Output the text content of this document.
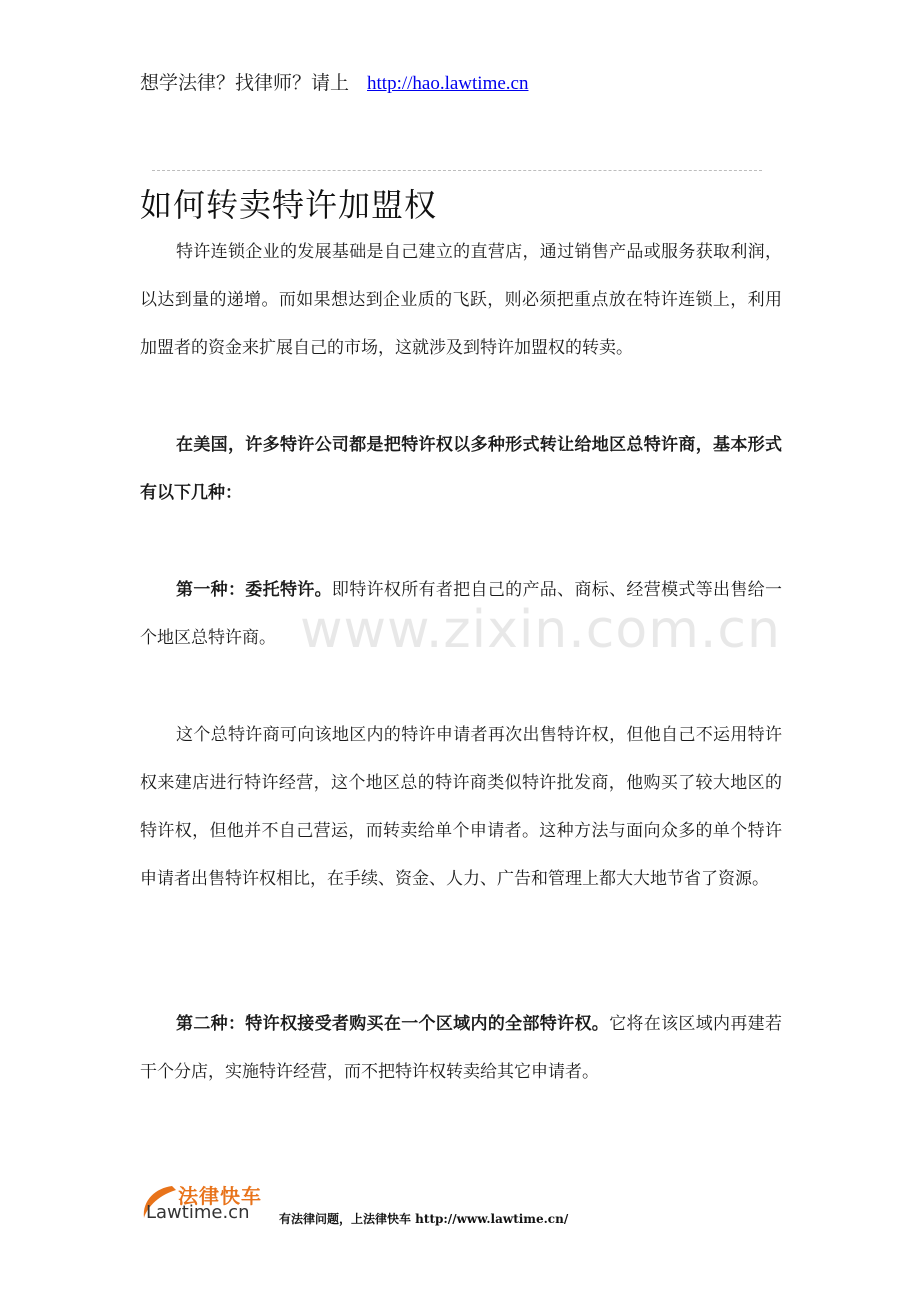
想学法律？找律师？请上 http://hao.lawtime.cn
如何转卖特许加盟权

特许连锁企业的发展基础是自己建立的直营店，通过销售产品或服务获取利润，以达到量的递增。而如果想达到企业质的飞跃，则必须把重点放在特许连锁上，利用加盟者的资金来扩展自己的市场，这就涉及到特许加盟权的转卖。

在美国，许多特许公司都是把特许权以多种形式转让给地区总特许商，基本形式有以下几种：

第一种：委托特许。即特许权所有者把自己的产品、商标、经营模式等出售给一个地区总特许商。

这个总特许商可向该地区内的特许申请者再次出售特许权，但他自己不运用特许权来建店进行特许经营，这个地区总的特许商类似特许批发商，他购买了较大地区的特许权，但他并不自己营运，而转卖给单个申请者。这种方法与面向众多的单个特许申请者出售特许权相比，在手续、资金、人力、广告和管理上都大大地节省了资源。

第二种：特许权接受者购买在一个区域内的全部特许权。它将在该区域内再建若干个分店，实施特许经营，而不把特许权转卖给其它申请者。

www.zixin.com.cn
法律快车
Lawtime.cn 有法律问题，上法律快车 http://www.lawtime.cn/
